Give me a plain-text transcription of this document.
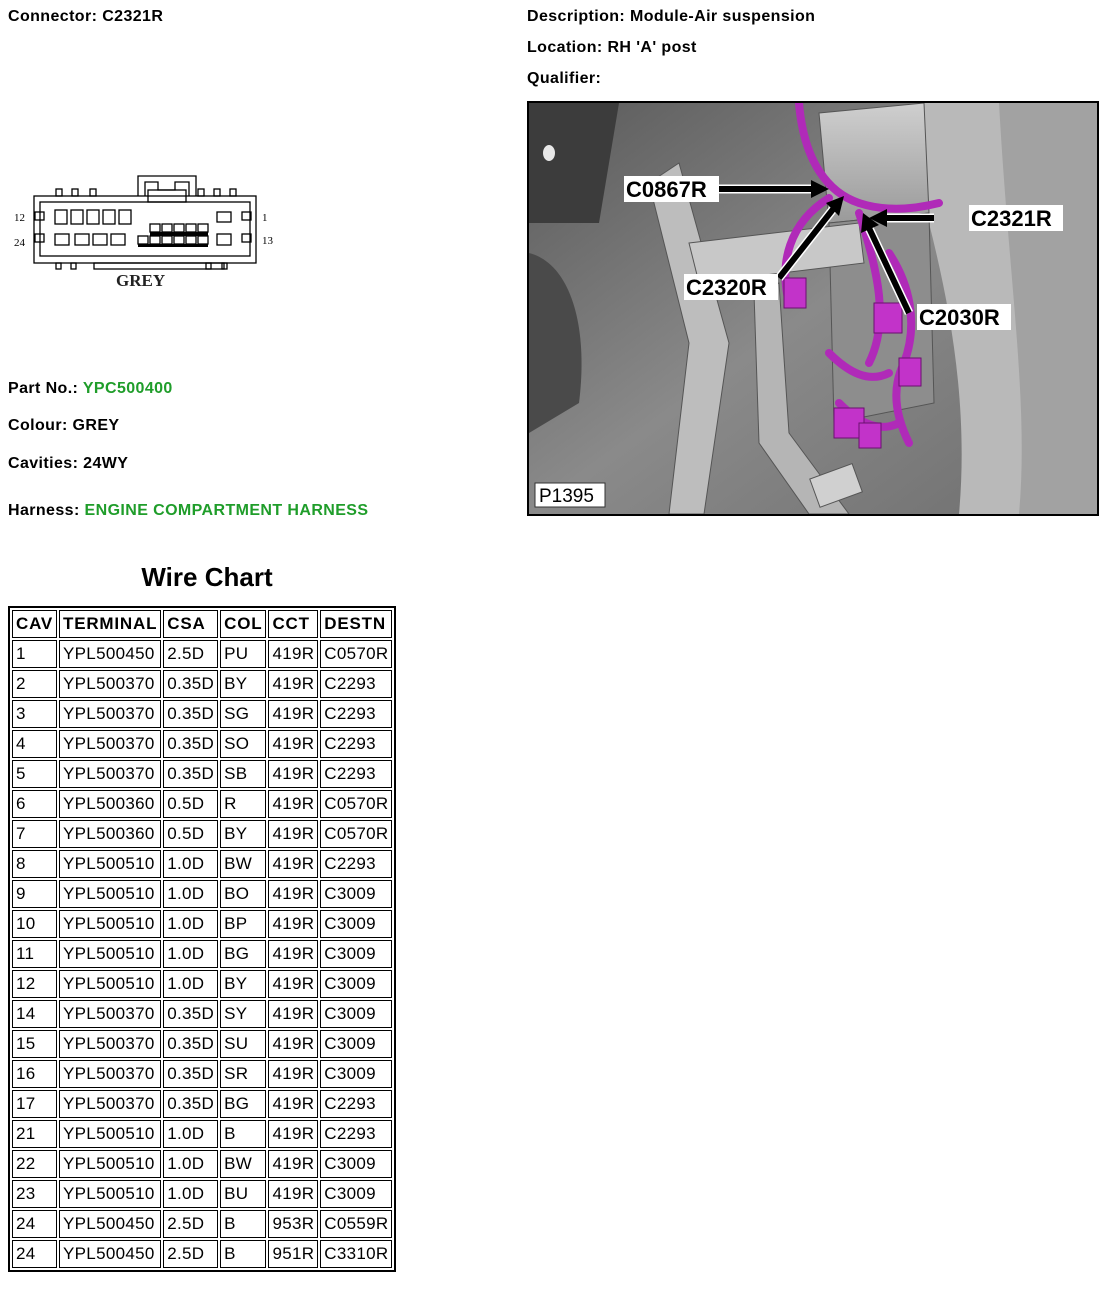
Connector: C2321R	Description: Module-Air suspension
Location: RH 'A' post
Qualifier:
12
24
1
13
GREY
C0867R
C2321R
C2320R
C2030R
P1395
Part No.: YPC500400
Colour: GREY
Cavities: 24WY
Harness: ENGINE COMPARTMENT HARNESS
Wire Chart
CAV	TERMINAL	CSA	COL	CCT	DESTN
1	YPL500450	2.5D	PU	419R	C0570R
2	YPL500370	0.35D	BY	419R	C2293
3	YPL500370	0.35D	SG	419R	C2293
4	YPL500370	0.35D	SO	419R	C2293
5	YPL500370	0.35D	SB	419R	C2293
6	YPL500360	0.5D	R	419R	C0570R
7	YPL500360	0.5D	BY	419R	C0570R
8	YPL500510	1.0D	BW	419R	C2293
9	YPL500510	1.0D	BO	419R	C3009
10	YPL500510	1.0D	BP	419R	C3009
11	YPL500510	1.0D	BG	419R	C3009
12	YPL500510	1.0D	BY	419R	C3009
14	YPL500370	0.35D	SY	419R	C3009
15	YPL500370	0.35D	SU	419R	C3009
16	YPL500370	0.35D	SR	419R	C3009
17	YPL500370	0.35D	BG	419R	C2293
21	YPL500510	1.0D	B	419R	C2293
22	YPL500510	1.0D	BW	419R	C3009
23	YPL500510	1.0D	BU	419R	C3009
24	YPL500450	2.5D	B	953R	C0559R
24	YPL500450	2.5D	B	951R	C3310R
